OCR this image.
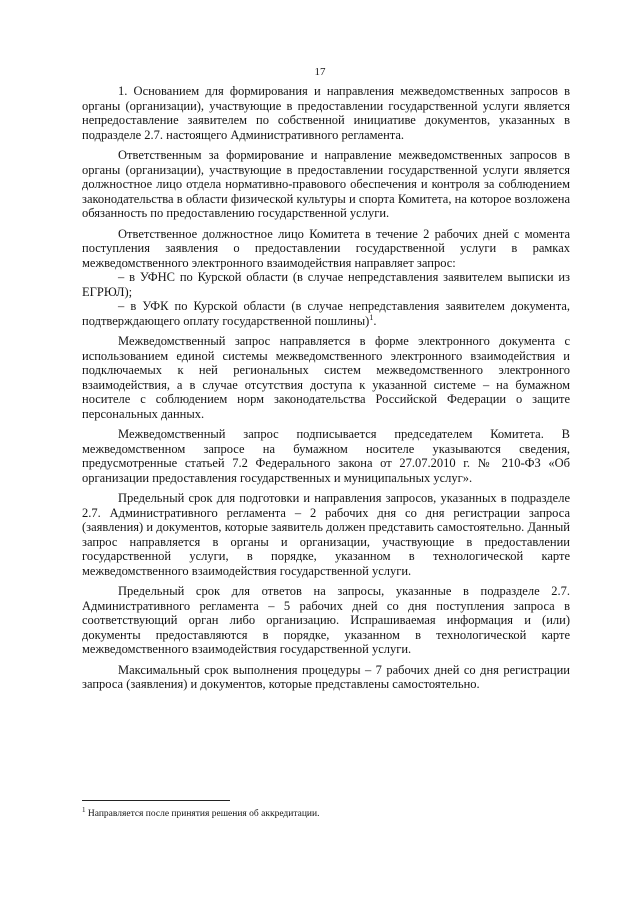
17

1. Основанием для формирования и направления межведомственных запросов в органы (организации), участвующие в предоставлении государственной услуги является непредоставление заявителем по собственной инициативе документов, указанных в подразделе 2.7. настоящего Административного регламента.

Ответственным за формирование и направление межведомственных запросов в органы (организации), участвующие в предоставлении государственной услуги является должностное лицо отдела нормативно-правового обеспечения и контроля за соблюдением законодательства в области физической культуры и спорта Комитета, на которое возложена обязанность по предоставлению государственной услуги.

Ответственное должностное лицо Комитета в течение 2 рабочих дней с момента поступления заявления о предоставлении государственной услуги в рамках межведомственного электронного взаимодействия направляет запрос:

– в УФНС по Курской области (в случае непредставления заявителем выписки из ЕГРЮЛ);

– в УФК по Курской области (в случае непредставления заявителем документа, подтверждающего оплату государственной пошлины)$^1$.

Межведомственный запрос направляется в форме электронного документа с использованием единой системы межведомственного электронного взаимодействия и подключаемых к ней региональных систем межведомственного электронного взаимодействия, а в случае отсутствия доступа к указанной системе – на бумажном носителе с соблюдением норм законодательства Российской Федерации о защите персональных данных.

Межведомственный запрос подписывается председателем Комитета. В межведомственном запросе на бумажном носителе указываются сведения, предусмотренные статьей 7.2 Федерального закона от 27.07.2010 г. № 210-ФЗ «Об организации предоставления государственных и муниципальных услуг».

Предельный срок для подготовки и направления запросов, указанных в подразделе 2.7. Административного регламента – 2 рабочих дня со дня регистрации запроса (заявления) и документов, которые заявитель должен представить самостоятельно. Данный запрос направляется в органы и организации, участвующие в предоставлении государственной услуги, в порядке, указанном в технологической карте межведомственного взаимодействия государственной услуги.

Предельный срок для ответов на запросы, указанные в подразделе 2.7. Административного регламента – 5 рабочих дней со дня поступления запроса в соответствующий орган либо организацию. Испрашиваемая информация и (или) документы предоставляются в порядке, указанном в технологической карте межведомственного взаимодействия государственной услуги.

Максимальный срок выполнения процедуры – 7 рабочих дней со дня регистрации запроса (заявления) и документов, которые представлены самостоятельно.

$^1$ Направляется после принятия решения об аккредитации.
